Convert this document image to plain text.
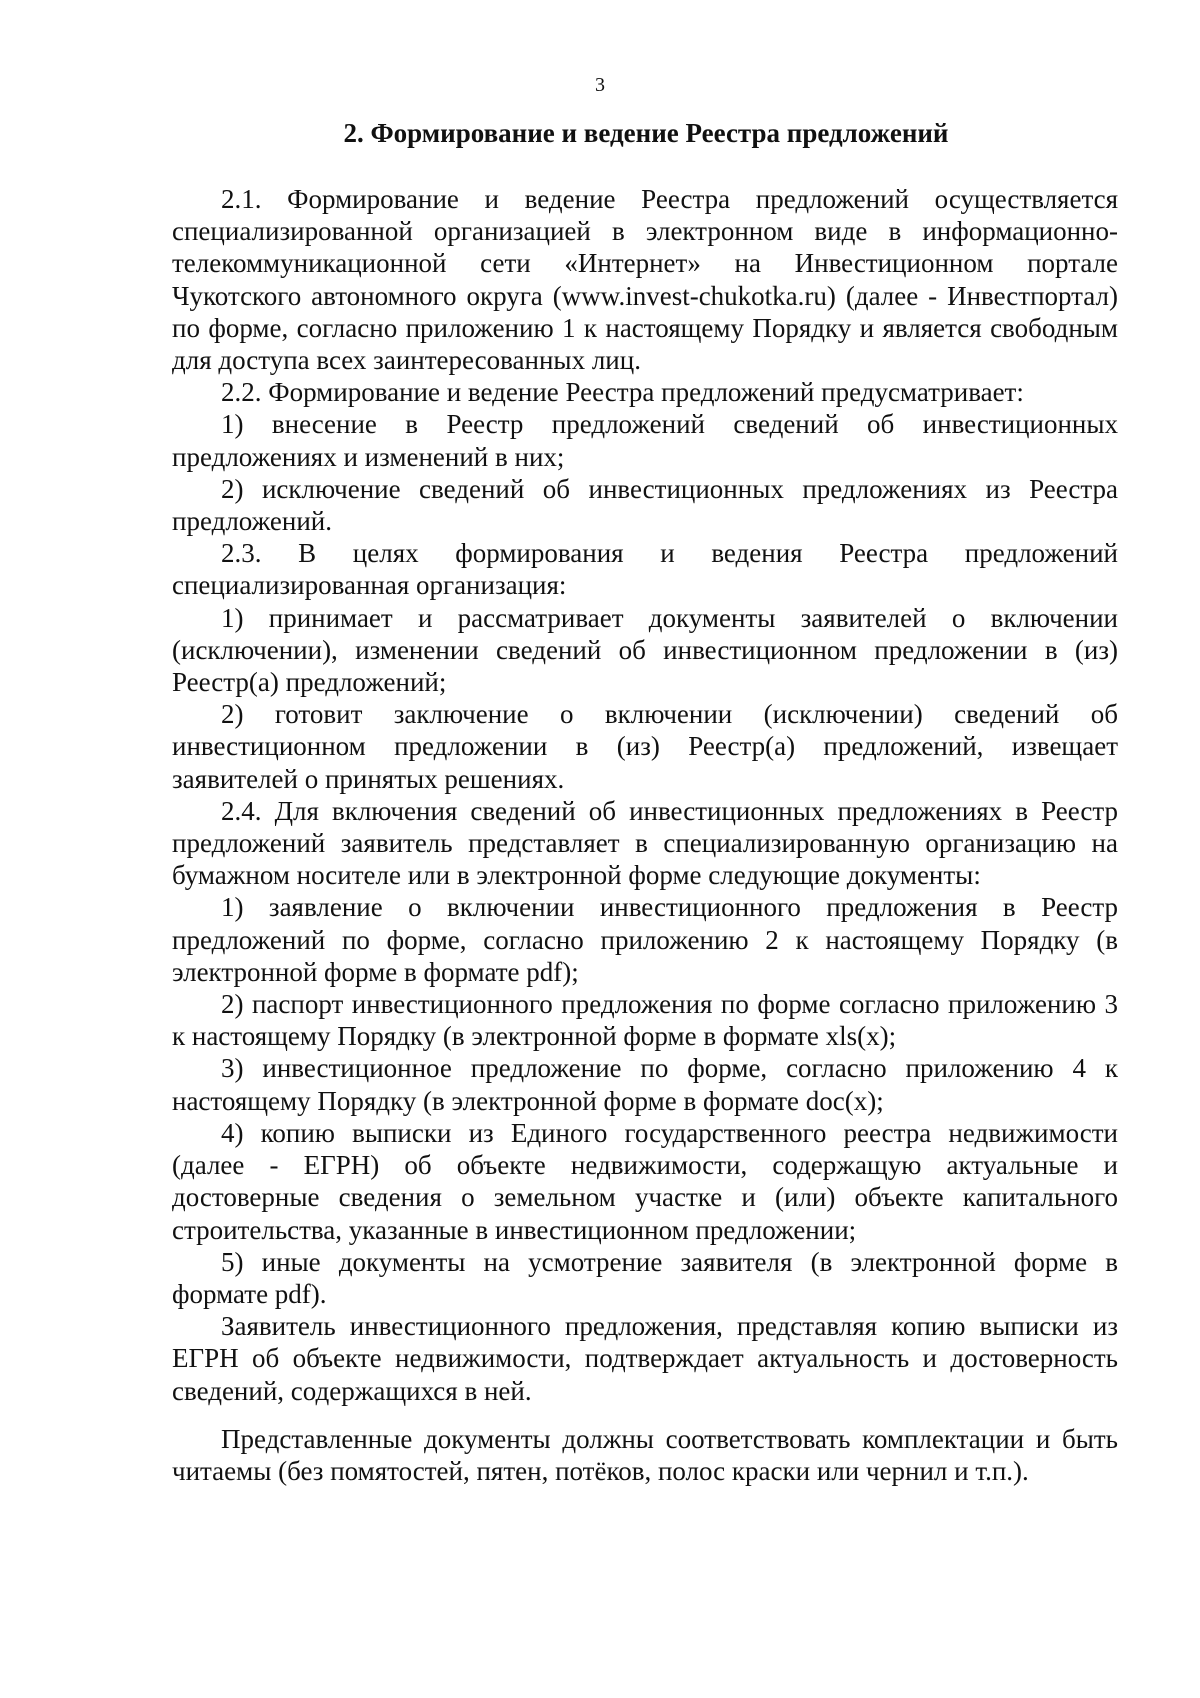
3
2. Формирование и ведение Реестра предложений

2.1. Формирование и ведение Реестра предложений осуществляется специализированной организацией в электронном виде в информационно-телекоммуникационной сети «Интернет» на Инвестиционном портале Чукотского автономного округа (www.invest-chukotka.ru) (далее - Инвестпортал) по форме, согласно приложению 1 к настоящему Порядку и является свободным для доступа всех заинтересованных лиц.

2.2. Формирование и ведение Реестра предложений предусматривает:

1) внесение в Реестр предложений сведений об инвестиционных предложениях и изменений в них;

2) исключение сведений об инвестиционных предложениях из Реестра предложений.

2.3. В целях формирования и ведения Реестра предложений специализированная организация:

1) принимает и рассматривает документы заявителей о включении (исключении), изменении сведений об инвестиционном предложении в (из) Реестр(а) предложений;

2) готовит заключение о включении (исключении) сведений об инвестиционном предложении в (из) Реестр(а) предложений, извещает заявителей о принятых решениях.

2.4. Для включения сведений об инвестиционных предложениях в Реестр предложений заявитель представляет в специализированную организацию на бумажном носителе или в электронной форме следующие документы:

1) заявление о включении инвестиционного предложения в Реестр предложений по форме, согласно приложению 2 к настоящему Порядку (в электронной форме в формате pdf);

2) паспорт инвестиционного предложения по форме согласно приложению 3 к настоящему Порядку (в электронной форме в формате xls(x);

3) инвестиционное предложение по форме, согласно приложению 4 к настоящему Порядку (в электронной форме в формате doc(x);

4) копию выписки из Единого государственного реестра недвижимости (далее - ЕГРН) об объекте недвижимости, содержащую актуальные и достоверные сведения о земельном участке и (или) объекте капитального строительства, указанные в инвестиционном предложении;

5) иные документы на усмотрение заявителя (в электронной форме в формате pdf).

Заявитель инвестиционного предложения, представляя копию выписки из ЕГРН об объекте недвижимости, подтверждает актуальность и достоверность сведений, содержащихся в ней.

Представленные документы должны соответствовать комплектации и быть читаемы (без помятостей, пятен, потёков, полос краски или чернил и т.п.).
